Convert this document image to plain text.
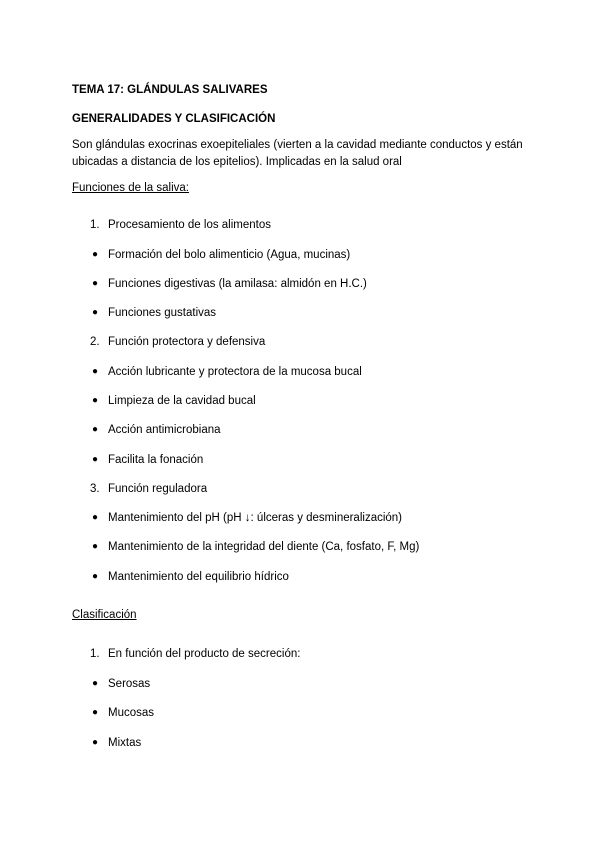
TEMA 17: GLÁNDULAS SALIVARES
GENERALIDADES Y CLASIFICACIÓN
Son glándulas exocrinas exoepiteliales (vierten a la cavidad mediante conductos y están
ubicadas a distancia de los epitelios). Implicadas en la salud oral
Funciones de la saliva:
1. Procesamiento de los alimentos
● Formación del bolo alimenticio (Agua, mucinas)
● Funciones digestivas (la amilasa: almidón en H.C.)
● Funciones gustativas
2. Función protectora y defensiva
● Acción lubricante y protectora de la mucosa bucal
● Limpieza de la cavidad bucal
● Acción antimicrobiana
● Facilita la fonación
3. Función reguladora
● Mantenimiento del pH (pH ↓: úlceras y desmineralización)
● Mantenimiento de la integridad del diente (Ca, fosfato, F, Mg)
● Mantenimiento del equilibrio hídrico
Clasificación
1. En función del producto de secreción:
● Serosas
● Mucosas
● Mixtas
